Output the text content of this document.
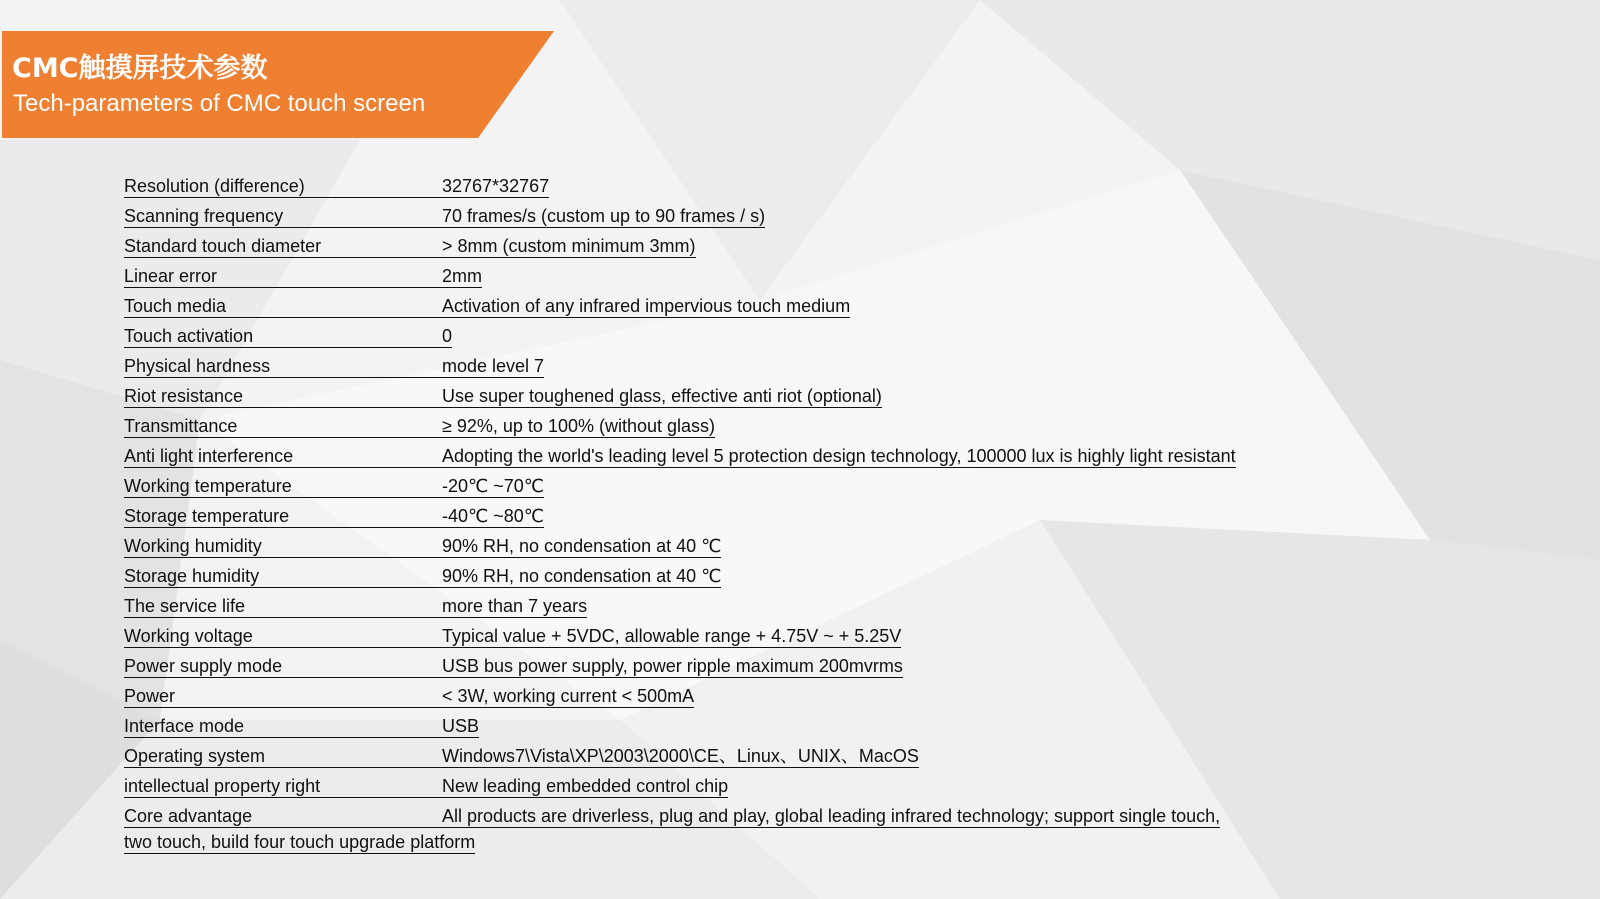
CMC触摸屏技术参数
Tech-parameters of CMC touch screen
Resolution (difference)	32767*32767
Scanning frequency	70 frames/s (custom up to 90 frames / s)
Standard touch diameter	> 8mm (custom minimum 3mm)
Linear error	2mm
Touch media	Activation of any infrared impervious touch medium
Touch activation	0
Physical hardness	mode level 7
Riot resistance	Use super toughened glass, effective anti riot (optional)
Transmittance	≥ 92%, up to 100% (without glass)
Anti light interference	Adopting the world's leading level 5 protection design technology, 100000 lux is highly light resistant
Working temperature	-20℃ ~70℃
Storage temperature	-40℃ ~80℃
Working humidity	90% RH, no condensation at 40 ℃
Storage humidity	90% RH, no condensation at 40 ℃
The service life	more than 7 years
Working voltage	Typical value + 5VDC, allowable range + 4.75V ~ + 5.25V
Power supply mode	USB bus power supply, power ripple maximum 200mvrms
Power	< 3W, working current < 500mA
Interface mode	USB
Operating system	Windows7\Vista\XP\2003\2000\CE、Linux、UNIX、MacOS
intellectual property right	New leading embedded control chip
Core advantage	All products are driverless, plug and play, global leading infrared technology; support single touch,
two touch, build four touch upgrade platform
